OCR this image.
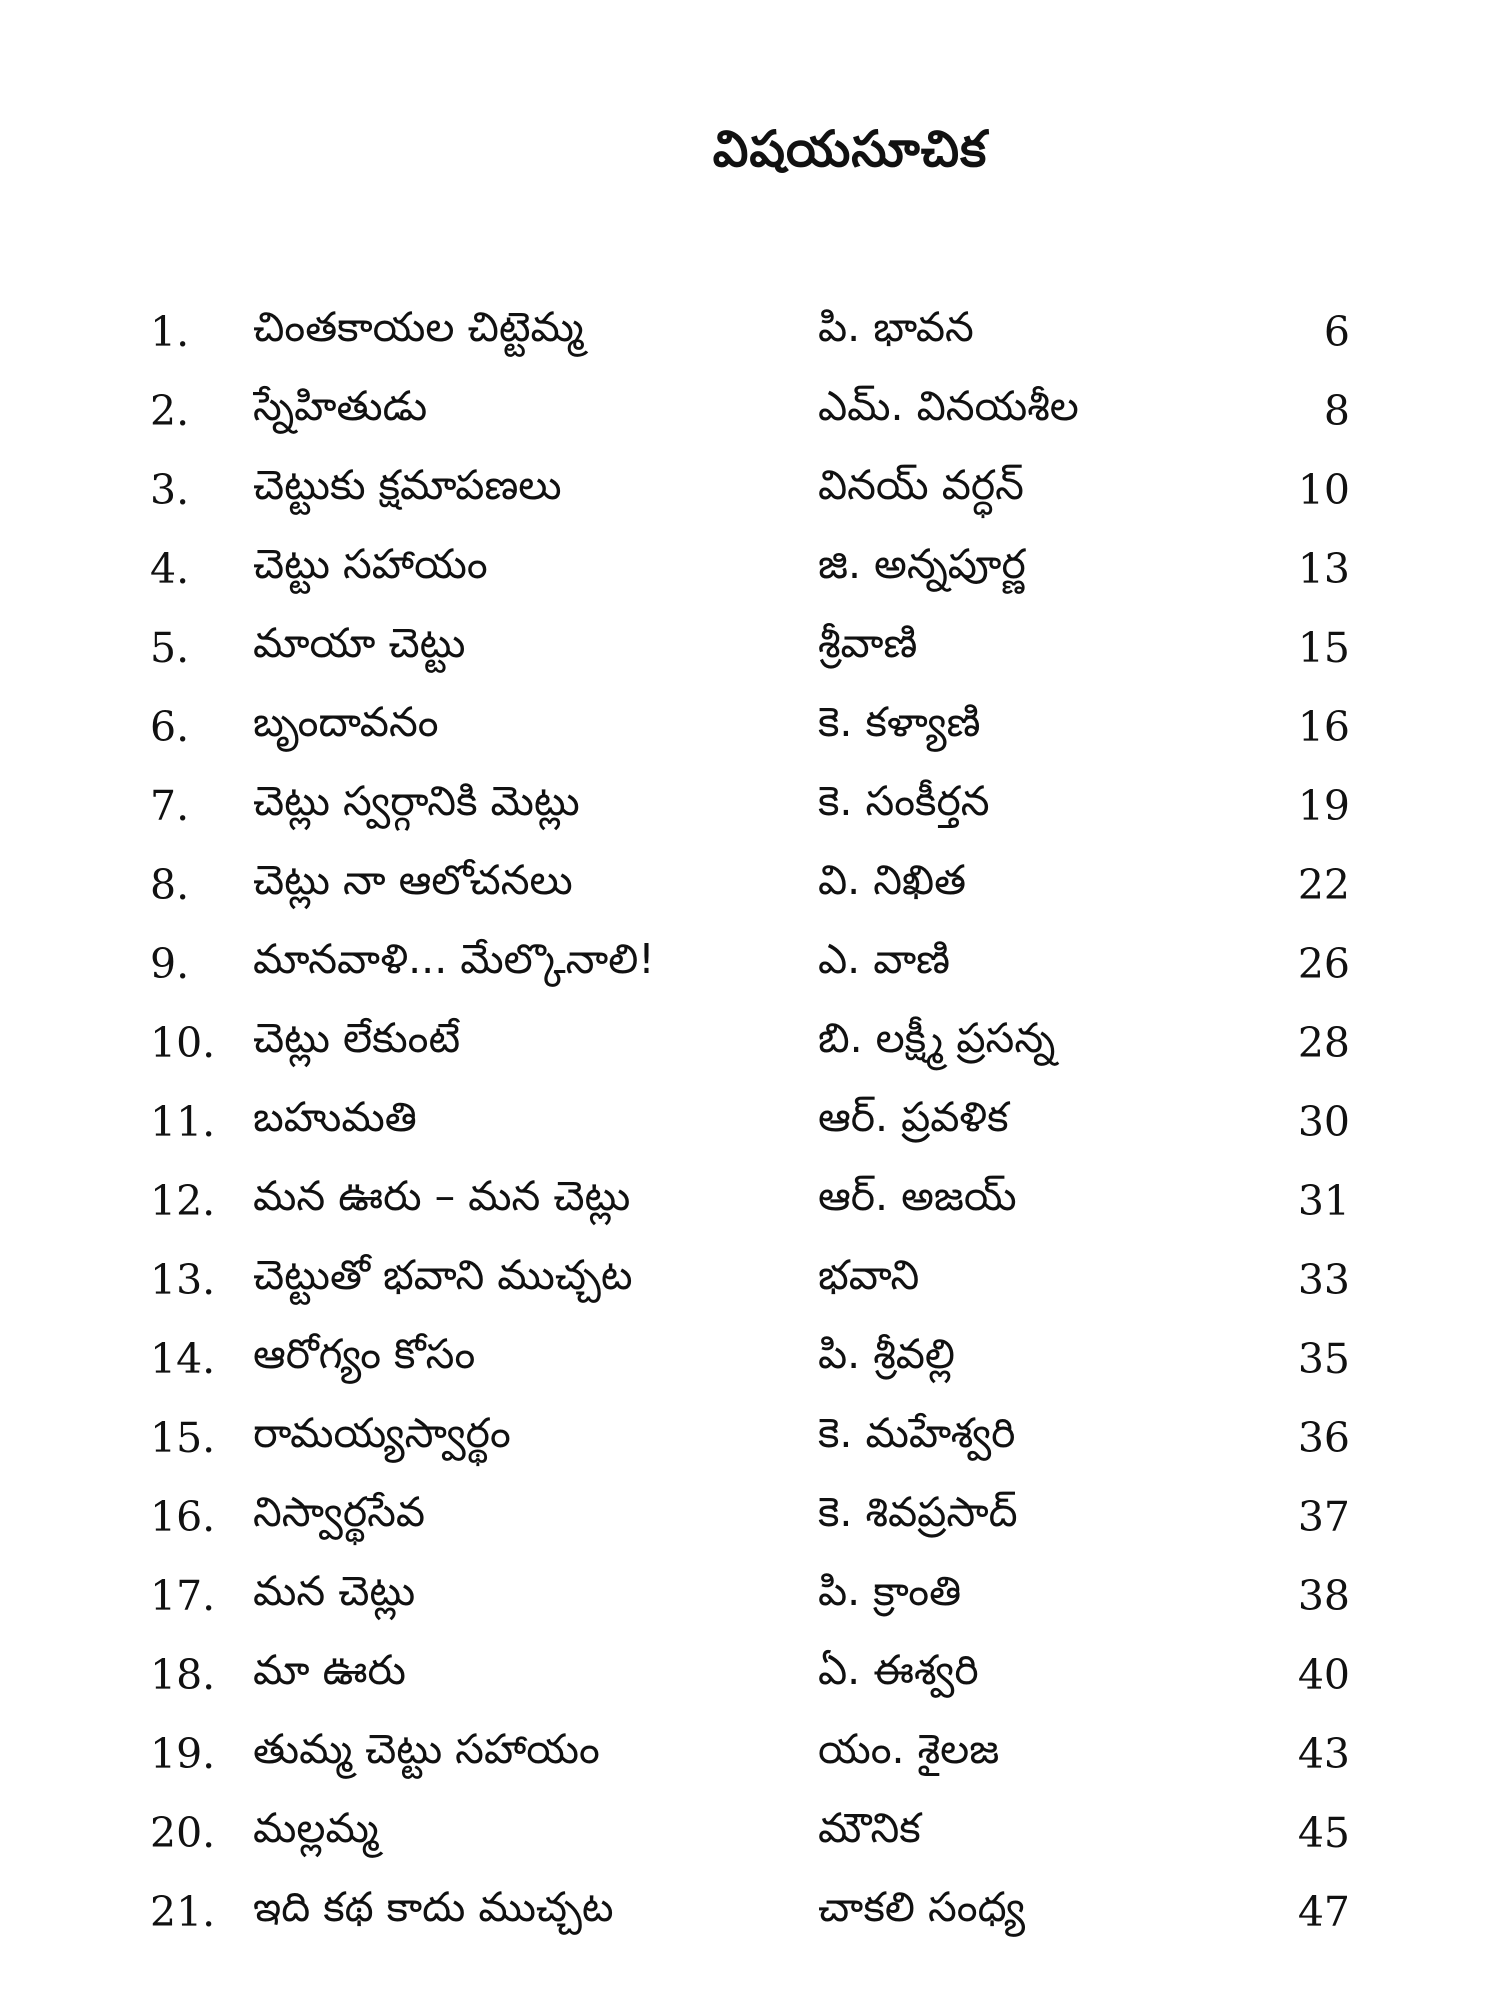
విషయసూచిక
1.	చింతకాయల చిట్టెమ్మ	పి. భావన	6
2.	స్నేహితుడు	ఎమ్. వినయశీల	8
3.	చెట్టుకు క్షమాపణలు	వినయ్ వర్ధన్	10
4.	చెట్టు సహాయం	జి. అన్నపూర్ణ	13
5.	మాయా చెట్టు	శ్రీవాణి	15
6.	బృందావనం	కె. కళ్యాణి	16
7.	చెట్లు స్వర్గానికి మెట్లు	కె. సంకీర్తన	19
8.	చెట్లు నా ఆలోచనలు	వి. నిఖిత	22
9.	మానవాళి... మేల్కొనాలి!	ఎ. వాణి	26
10. చెట్లు లేకుంటే	బి. లక్ష్మీ ప్రసన్న	28
11. బహుమతి	ఆర్. ప్రవళిక	30
12. మన ఊరు – మన చెట్లు	ఆర్. అజయ్	31
13. చెట్టుతో భవాని ముచ్చట	భవాని	33
14. ఆరోగ్యం కోసం	పి. శ్రీవల్లి	35
15. రామయ్యస్వార్థం	కె. మహేశ్వరి	36
16. నిస్వార్థసేవ	కె. శివప్రసాద్	37
17. మన చెట్లు	పి. క్రాంతి	38
18. మా ఊరు	ఏ. ఈశ్వరి	40
19. తుమ్మ చెట్టు సహాయం	యం. శైలజ	43
20. మల్లమ్మ	మౌనిక	45
21. ఇది కథ కాదు ముచ్చట	చాకలి సంధ్య	47
